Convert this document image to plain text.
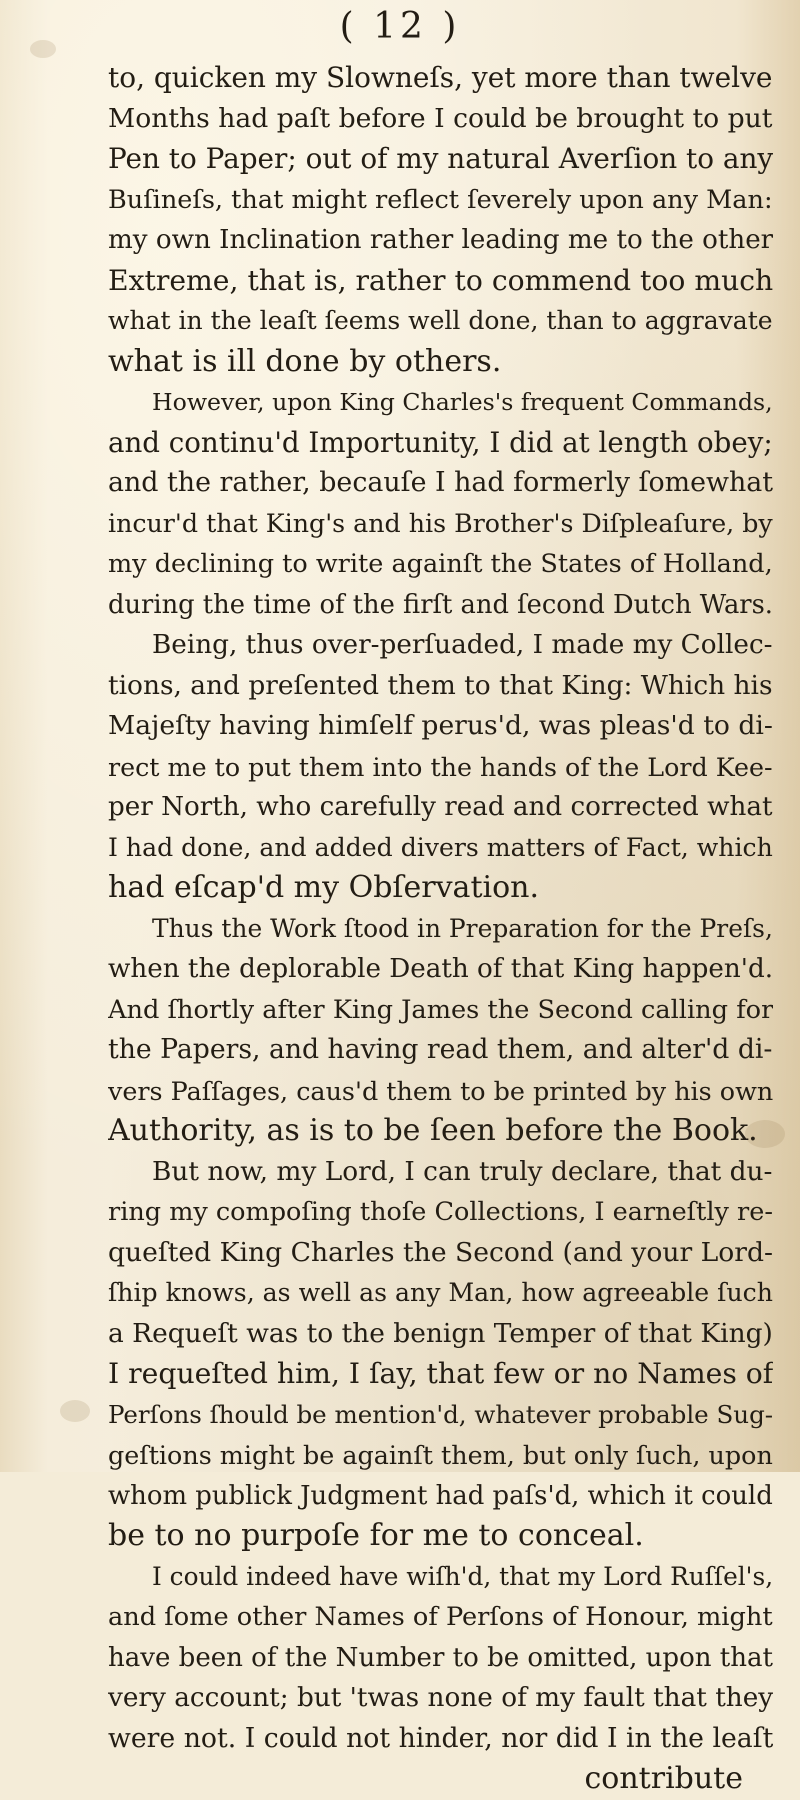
( 12 )
to, quicken my Slowneſs, yet more than twelve
Months had paſt before I could be brought to put
Pen to Paper; out of my natural Averſion to any
Buſineſs, that might reflect ſeverely upon any Man:
my own Inclination rather leading me to the other
Extreme, that is, rather to commend too much
what in the leaſt ſeems well done, than to aggravate
what is ill done by others.
However, upon King Charles's frequent Commands,
and continu'd Importunity, I did at length obey;
and the rather, becauſe I had formerly ſomewhat
incur'd that King's and his Brother's Diſpleaſure, by
my declining to write againſt the States of Holland,
during the time of the firſt and ſecond Dutch Wars.
Being, thus over-perſuaded, I made my Collec-
tions, and preſented them to that King: Which his
Majeſty having himſelf perus'd, was pleas'd to di-
rect me to put them into the hands of the Lord Kee-
per North, who carefully read and corrected what
I had done, and added divers matters of Fact, which
had eſcap'd my Obſervation.
Thus the Work ſtood in Preparation for the Preſs,
when the deplorable Death of that King happen'd.
And ſhortly after King James the Second calling for
the Papers, and having read them, and alter'd di-
vers Paſſages, caus'd them to be printed by his own
Authority, as is to be ſeen before the Book.
But now, my Lord, I can truly declare, that du-
ring my compoſing thoſe Collections, I earneſtly re-
queſted King Charles the Second (and your Lord-
ſhip knows, as well as any Man, how agreeable ſuch
a Requeſt was to the benign Temper of that King)
I requeſted him, I ſay, that few or no Names of
Perſons ſhould be mention'd, whatever probable Sug-
geſtions might be againſt them, but only ſuch, upon
whom publick Judgment had paſs'd, which it could
be to no purpoſe for me to conceal.
I could indeed have wiſh'd, that my Lord Ruſſel's,
and ſome other Names of Perſons of Honour, might
have been of the Number to be omitted, upon that
very account; but 'twas none of my fault that they
were not. I could not hinder, nor did I in the leaſt
contribute
